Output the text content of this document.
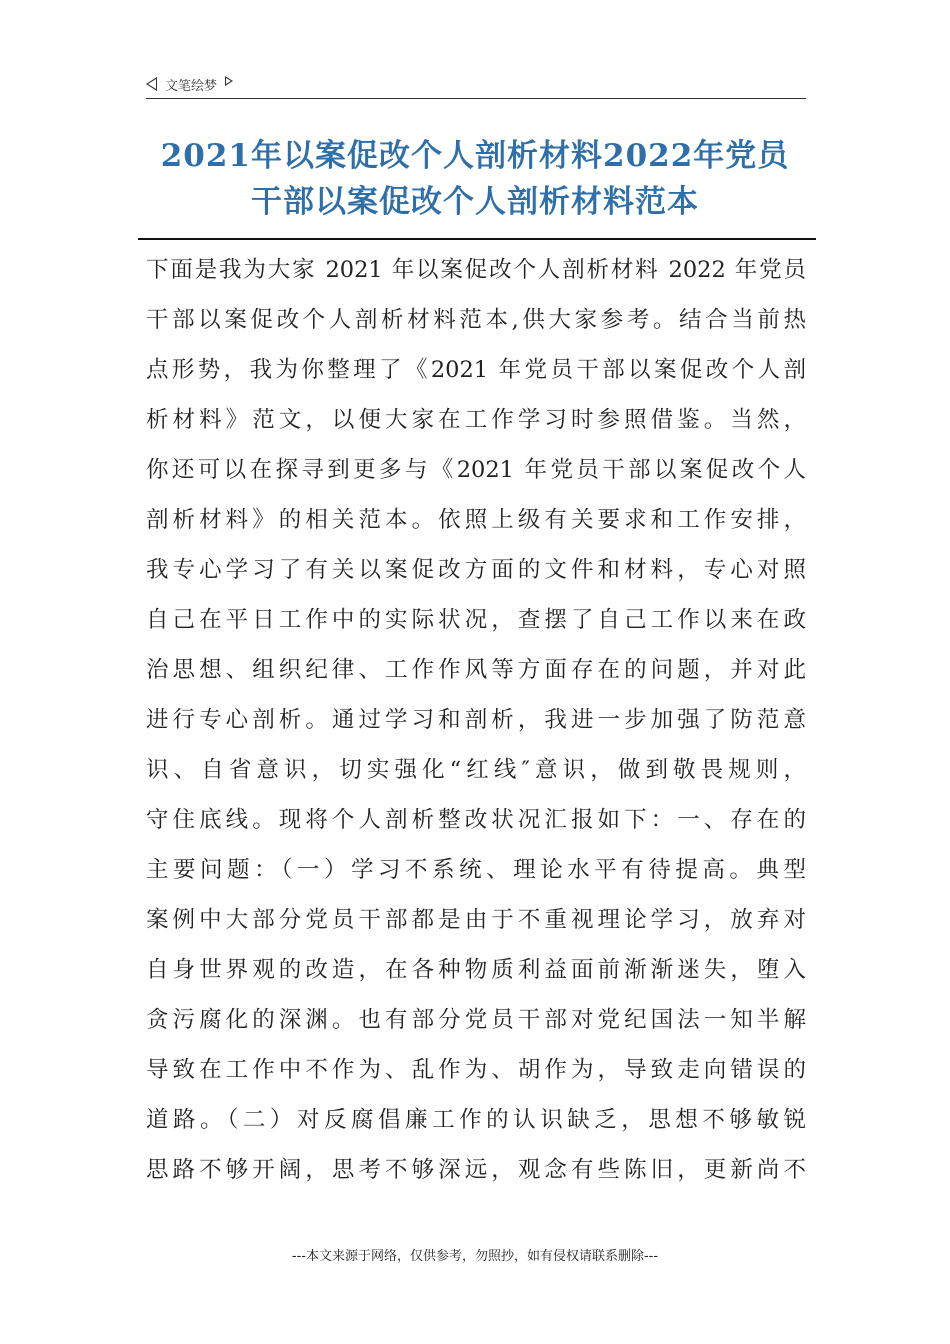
文笔绘梦
2021年以案促改个人剖析材料2022年党员
干部以案促改个人剖析材料范本
下面是我为大家 2021 年以案促改个人剖析材料 2022 年党员
干部以案促改个人剖析材料范本,供大家参考。结合当前热
点形势，我为你整理了《2021 年党员干部以案促改个人剖
析材料》范文，以便大家在工作学习时参照借鉴。当然，
你还可以在探寻到更多与《2021 年党员干部以案促改个人
剖析材料》的相关范本。依照上级有关要求和工作安排，
我专心学习了有关以案促改方面的文件和材料，专心对照
自己在平日工作中的实际状况，查摆了自己工作以来在政
治思想、组织纪律、工作作风等方面存在的问题，并对此
进行专心剖析。通过学习和剖析，我进一步加强了防范意
识、自省意识，切实强化“红线″意识，做到敬畏规则，
守住底线。现将个人剖析整改状况汇报如下：一、存在的
主要问题：（一）学习不系统、理论水平有待提高。典型
案例中大部分党员干部都是由于不重视理论学习，放弃对
自身世界观的改造，在各种物质利益面前渐渐迷失，堕入
贪污腐化的深渊。也有部分党员干部对党纪国法一知半解
导致在工作中不作为、乱作为、胡作为，导致走向错误的
道路。（二）对反腐倡廉工作的认识缺乏，思想不够敏锐
思路不够开阔，思考不够深远，观念有些陈旧，更新尚不
---本文来源于网络，仅供参考，勿照抄，如有侵权请联系删除---
